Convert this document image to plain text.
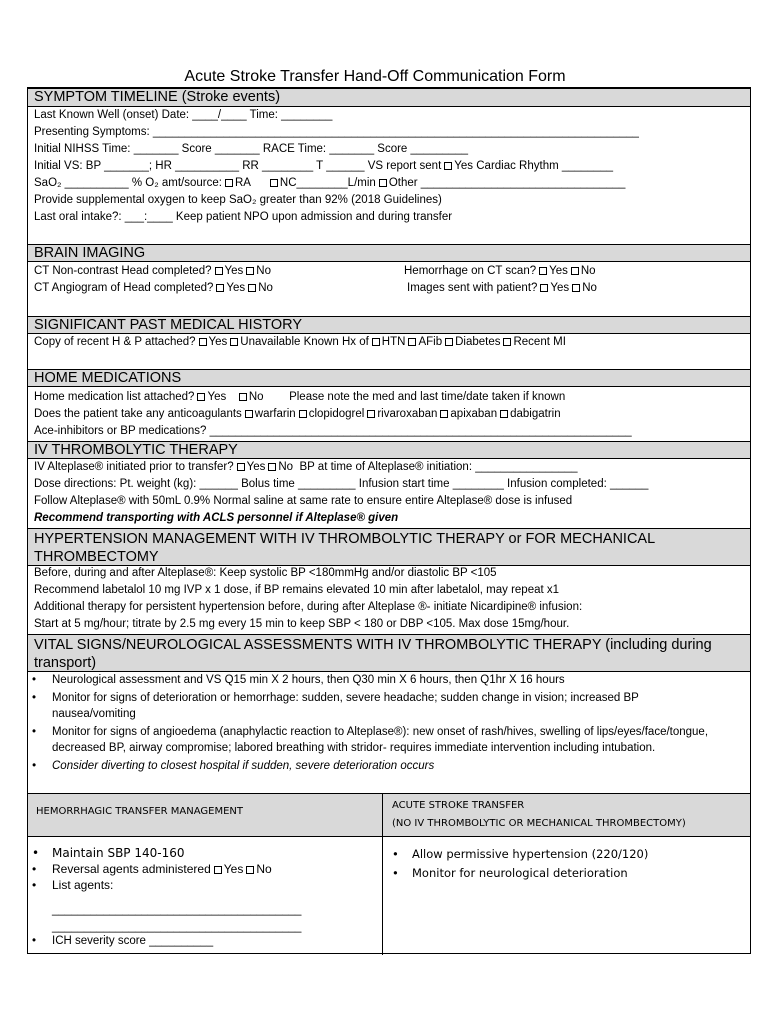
Acute Stroke Transfer Hand-Off Communication Form
SYMPTOM TIMELINE (Stroke events)
Last Known Well (onset) Date: ____/____ Time: ________
Presenting Symptoms: ____________________________________________________________________________
Initial NIHSS Time: _______ Score _______ RACE Time: _______ Score _________
Initial VS: BP _______; HR __________ RR ________ T ______ VS report sent Yes Cardiac Rhythm ________
SaO₂ __________ % O₂ amt/source: RA	NC________L/min Other ________________________________
Provide supplemental oxygen to keep SaO₂ greater than 92% (2018 Guidelines)
Last oral intake?: ___:____ Keep patient NPO upon admission and during transfer
BRAIN IMAGING
CT Non-contrast Head completed? Yes No
CT Angiogram of Head completed? Yes No
Hemorrhage on CT scan? Yes No
Images sent with patient? Yes No
SIGNIFICANT PAST MEDICAL HISTORY
Copy of recent H & P attached? Yes Unavailable Known Hx of HTN AFib Diabetes Recent MI
HOME MEDICATIONS
Home medication list attached? Yes No Please note the med and last time/date taken if known
Does the patient take any anticoagulants warfarin clopidogrel rivaroxaban apixaban dabigatrin
Ace-inhibitors or BP medications? __________________________________________________________________
IV THROMBOLYTIC THERAPY
IV Alteplase® initiated prior to transfer? Yes No BP at time of Alteplase® initiation: ________________
Dose directions: Pt. weight (kg): ______ Bolus time _________ Infusion start time ________ Infusion completed: ______
Follow Alteplase® with 50mL 0.9% Normal saline at same rate to ensure entire Alteplase® dose is infused
Recommend transporting with ACLS personnel if Alteplase® given
HYPERTENSION MANAGEMENT WITH IV THROMBOLYTIC THERAPY or FOR MECHANICAL THROMBECTOMY
Before, during and after Alteplase®: Keep systolic BP <180mmHg and/or diastolic BP <105
Recommend labetalol 10 mg IVP x 1 dose, if BP remains elevated 10 min after labetalol, may repeat x1
Additional therapy for persistent hypertension before, during after Alteplase ®- initiate Nicardipine® infusion:
Start at 5 mg/hour; titrate by 2.5 mg every 15 min to keep SBP < 180 or DBP <105. Max dose 15mg/hour.
VITAL SIGNS/NEUROLOGICAL ASSESSMENTS WITH IV THROMBOLYTIC THERAPY (including during transport)
• Neurological assessment and VS Q15 min X 2 hours, then Q30 min X 6 hours, then Q1hr X 16 hours
• Monitor for signs of deterioration or hemorrhage: sudden, severe headache; sudden change in vision; increased BP nausea/vomiting
• Monitor for signs of angioedema (anaphylactic reaction to Alteplase®): new onset of rash/hives, swelling of lips/eyes/face/tongue, decreased BP, airway compromise; labored breathing with stridor- requires immediate intervention including intubation.
• Consider diverting to closest hospital if sudden, severe deterioration occurs
HEMORRHAGIC TRANSFER MANAGEMENT
ACUTE STROKE TRANSFER
(NO IV THROMBOLYTIC OR MECHANICAL THROMBECTOMY)
• Maintain SBP 140-160
• Reversal agents administered Yes No
• List agents:
_______________________________________
_______________________________________
• ICH severity score __________
• Allow permissive hypertension (220/120)
• Monitor for neurological deterioration
